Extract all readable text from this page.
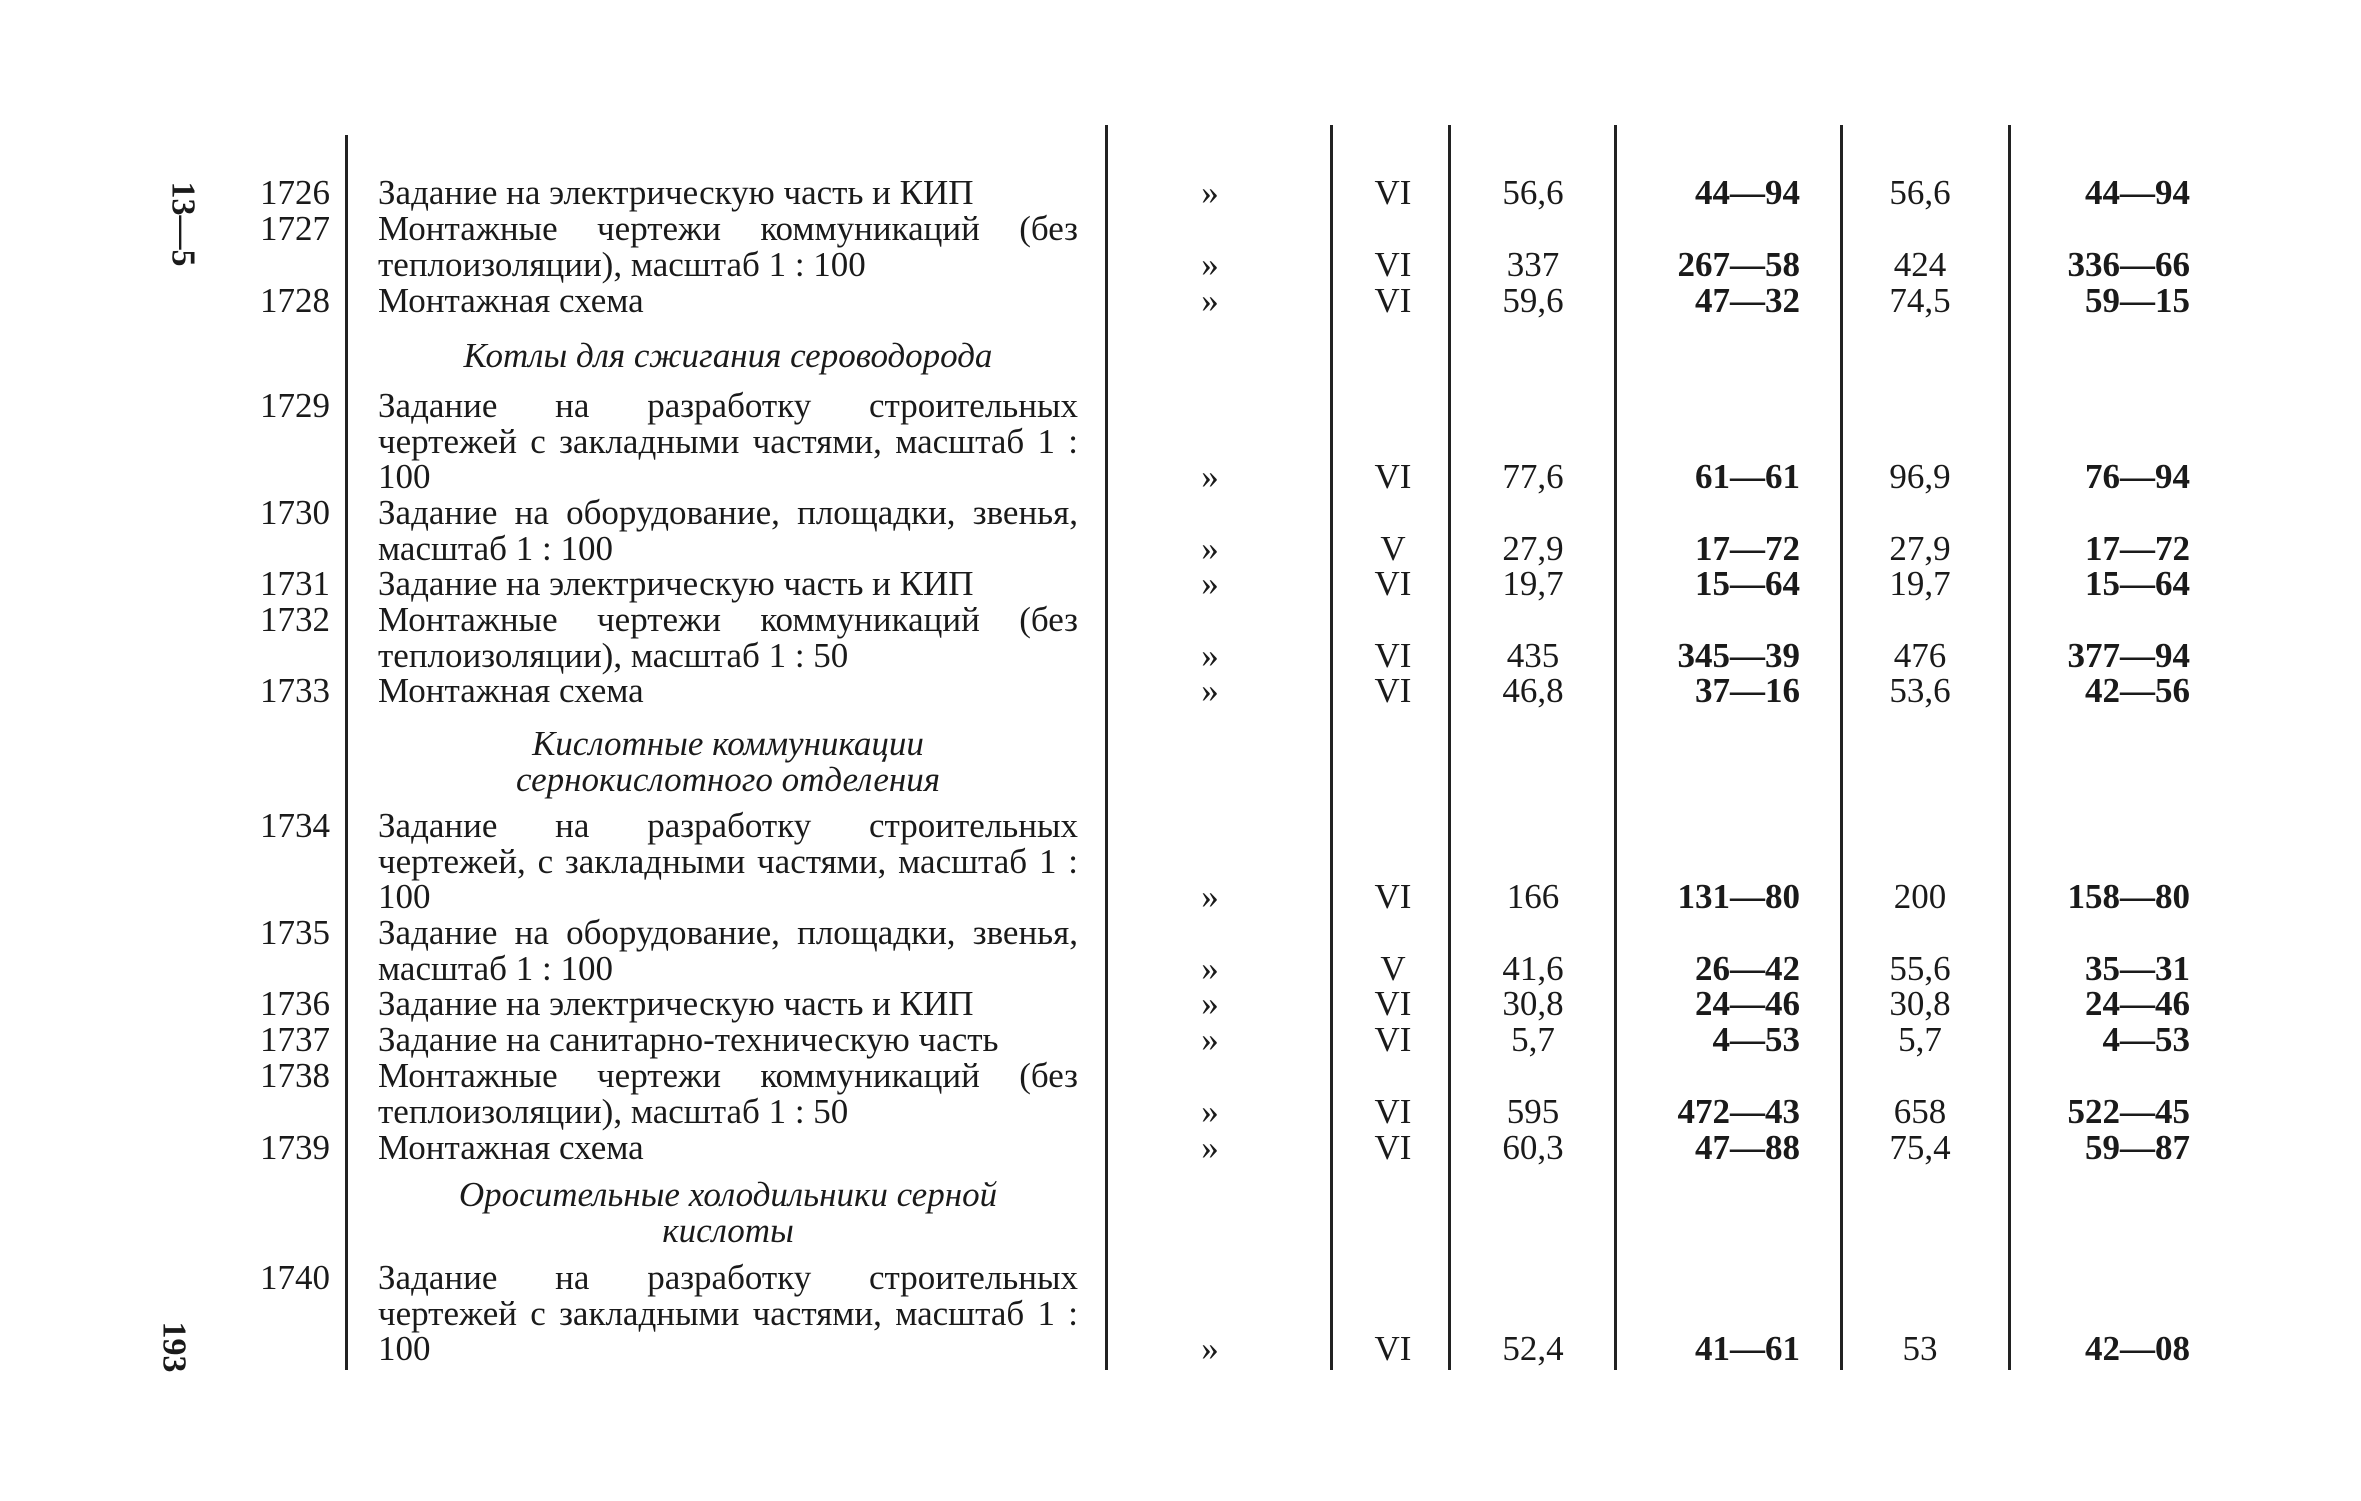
13—5
193
1726 Задание на электрическую часть и КИП	»	VI	56,6	44—94	56,6	44—94
1727 Монтажные чертежи коммуникаций (без теплоизоляции), масштаб 1 : 100	»	VI	337	267—58	424	336—66
1728 Монтажная схема	»	VI	59,6	47—32	74,5	59—15
Котлы для сжигания сероводорода
1729 Задание на разработку строительных чертежей с закладными частями, масштаб 1 : 100	»	VI	77,6	61—61	96,9	76—94
1730 Задание на оборудование, площадки, звенья, масштаб 1 : 100	»	V	27,9	17—72	27,9	17—72
1731 Задание на электрическую часть и КИП	»	VI	19,7	15—64	19,7	15—64
1732 Монтажные чертежи коммуникаций (без теплоизоляции), масштаб 1 : 50	»	VI	435	345—39	476	377—94
1733 Монтажная схема	»	VI	46,8	37—16	53,6	42—56
Кислотные коммуникации сернокислотного отделения
1734 Задание на разработку строительных чертежей, с закладными частями, масштаб 1 : 100	»	VI	166	131—80	200	158—80
1735 Задание на оборудование, площадки, звенья, масштаб 1 : 100	»	V	41,6	26—42	55,6	35—31
1736 Задание на электрическую часть и КИП	»	VI	30,8	24—46	30,8	24—46
1737 Задание на санитарно-техническую часть	»	VI	5,7	4—53	5,7	4—53
1738 Монтажные чертежи коммуникаций (без теплоизоляции), масштаб 1 : 50	»	VI	595	472—43	658	522—45
1739 Монтажная схема	»	VI	60,3	47—88	75,4	59—87
Оросительные холодильники серной кислоты
1740 Задание на разработку строительных чертежей с закладными частями, масштаб 1 : 100	»	VI	52,4	41—61	53	42—08
